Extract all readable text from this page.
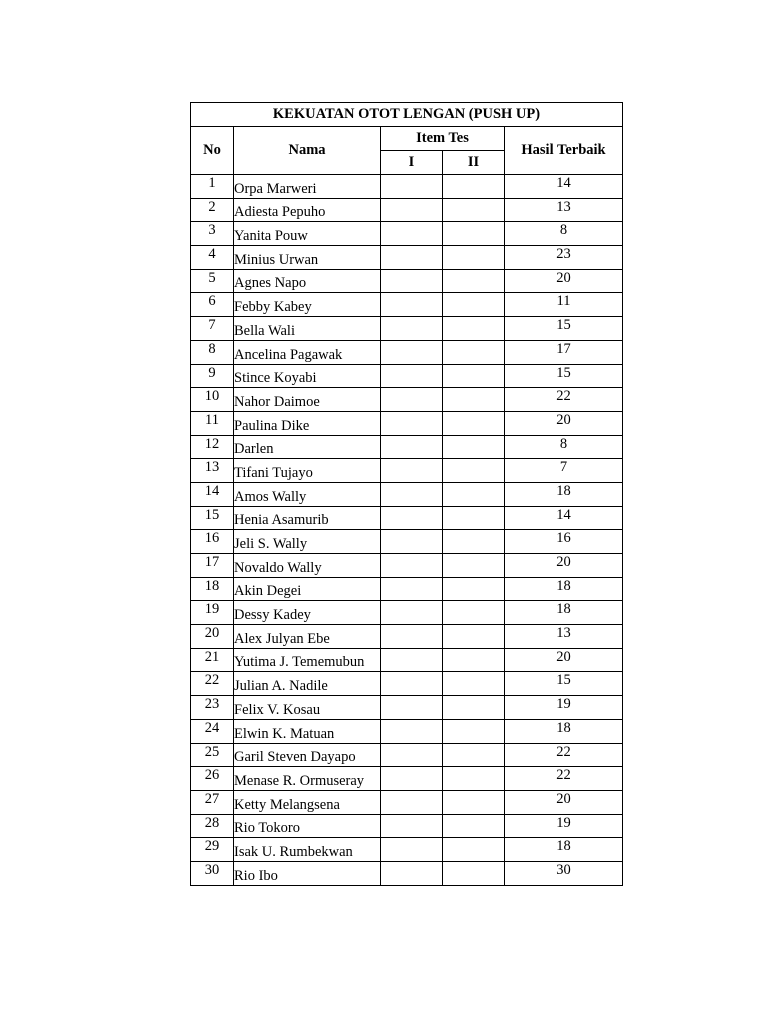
KEKUATAN OTOT LENGAN (PUSH UP)				
No	Nama	Item Tes		Hasil Terbaik
		I	II	
1	Orpa Marweri			14
2	Adiesta Pepuho			13
3	Yanita Pouw			8
4	Minius Urwan			23
5	Agnes Napo			20
6	Febby Kabey			11
7	Bella Wali			15
8	Ancelina Pagawak			17
9	Stince Koyabi			15
10	Nahor Daimoe			22
11	Paulina Dike			20
12	Darlen			8
13	Tifani Tujayo			7
14	Amos Wally			18
15	Henia Asamurib			14
16	Jeli S. Wally			16
17	Novaldo Wally			20
18	Akin Degei			18
19	Dessy Kadey			18
20	Alex Julyan Ebe			13
21	Yutima J. Tememubun			20
22	Julian A. Nadile			15
23	Felix V. Kosau			19
24	Elwin K. Matuan			18
25	Garil Steven Dayapo			22
26	Menase R. Ormuseray			22
27	Ketty Melangsena			20
28	Rio Tokoro			19
29	Isak U. Rumbekwan			18
30	Rio Ibo			30
